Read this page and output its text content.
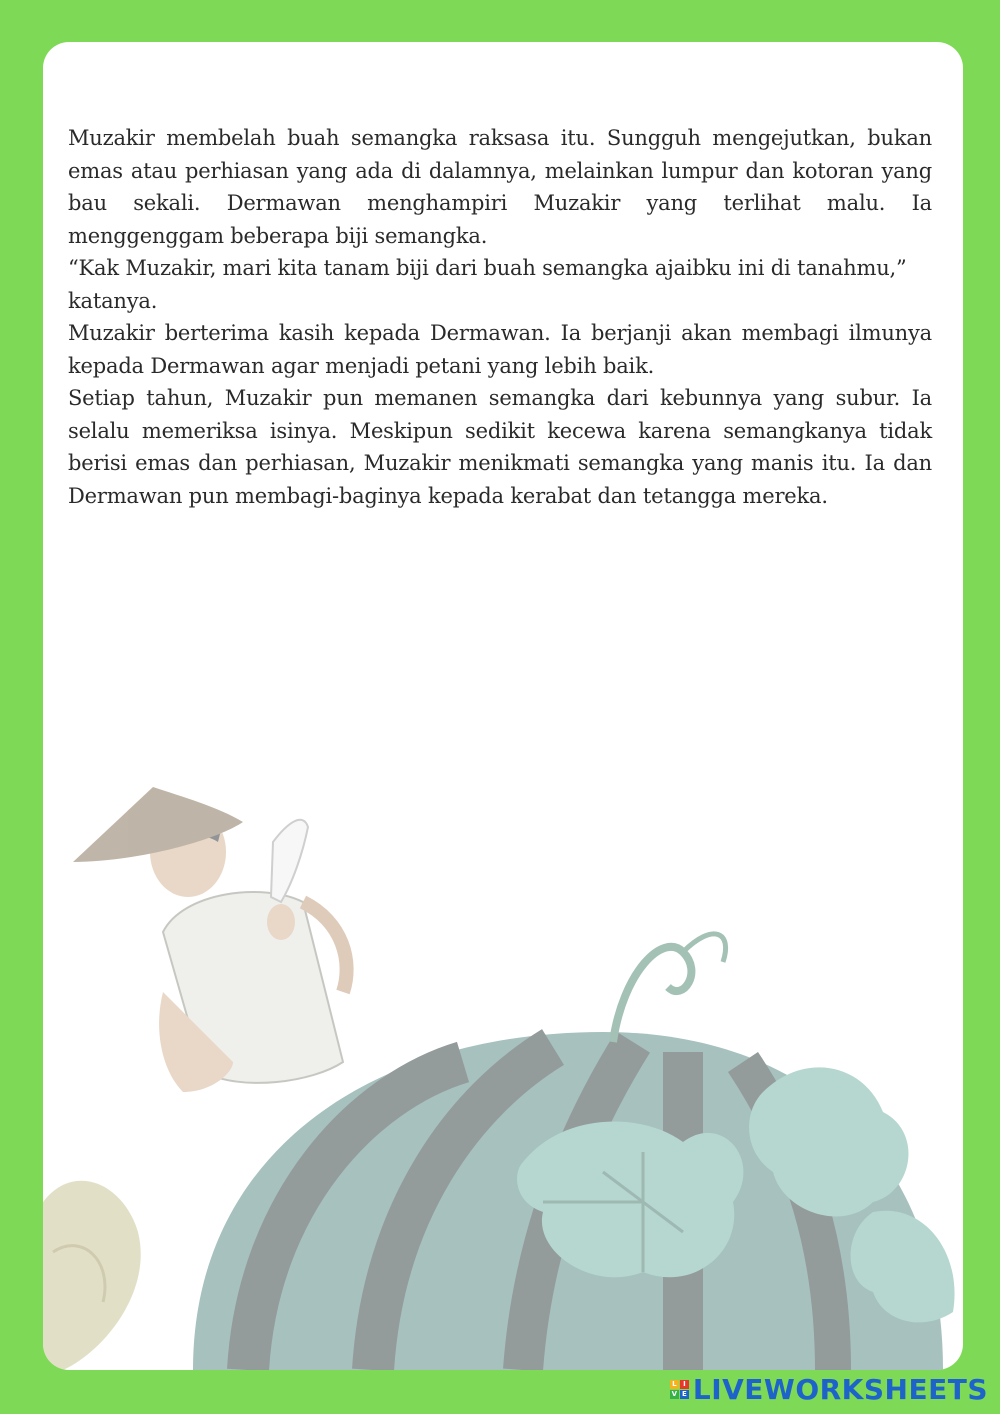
Muzakir membelah buah semangka raksasa itu. Sungguh mengejutkan, bukan emas atau perhiasan yang ada di dalamnya, melainkan lumpur dan kotoran yang bau sekali. Dermawan menghampiri Muzakir yang terlihat malu. Ia menggenggam beberapa biji semangka.

“Kak Muzakir, mari kita tanam biji dari buah semangka ajaibku ini di tanahmu,”

katanya.

Muzakir berterima kasih kepada Dermawan. Ia berjanji akan membagi ilmunya kepada Dermawan agar menjadi petani yang lebih baik.

Setiap tahun, Muzakir pun memanen semangka dari kebunnya yang subur. Ia selalu memeriksa isinya. Meskipun sedikit kecewa karena semangkanya tidak berisi emas dan perhiasan, Muzakir menikmati semangka yang manis itu. Ia dan Dermawan pun membagi-baginya kepada kerabat dan tetangga mereka.

L I
V E LIVEWORKSHEETS
